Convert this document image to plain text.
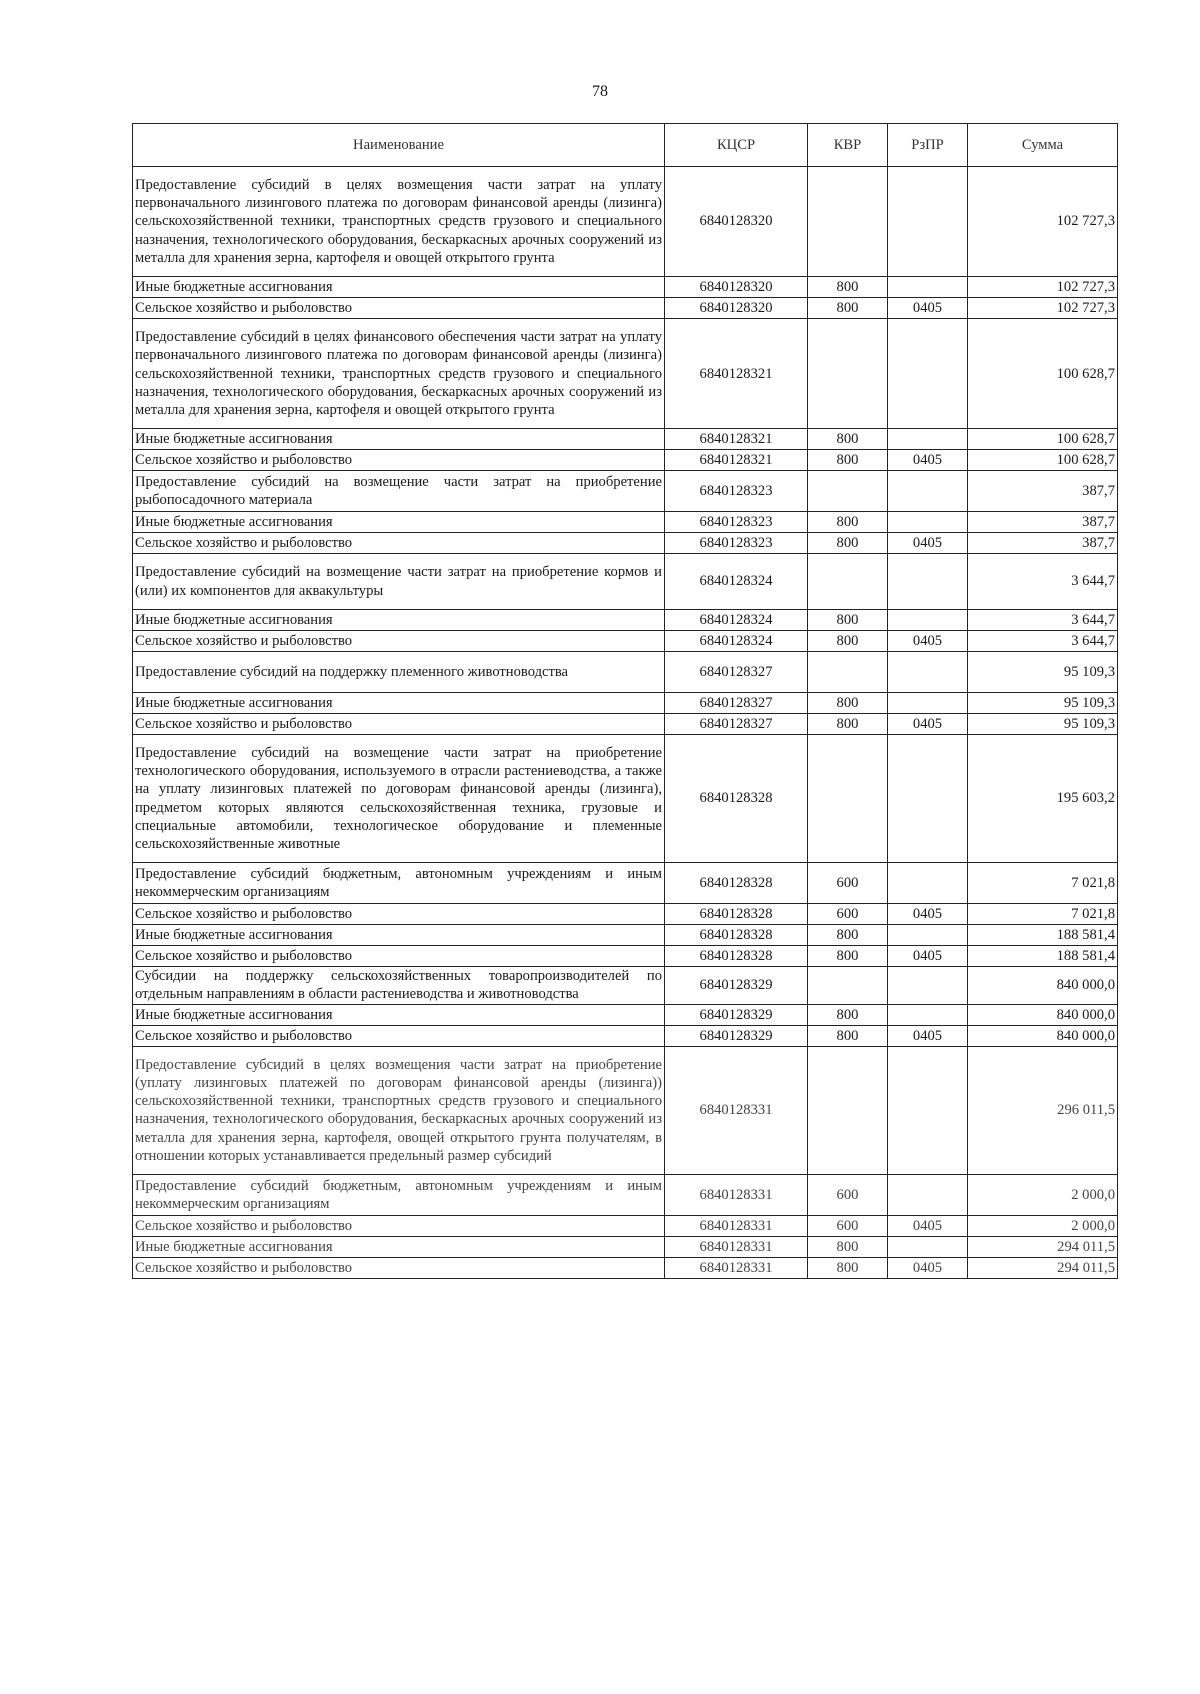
78
Наименование	КЦСР	КВР	РзПР	Сумма
Предоставление субсидий в целях возмещения части затрат на уплату первоначального лизингового платежа по договорам финансовой аренды (лизинга) сельскохозяйственной техники, транспортных средств грузового и специального назначения, технологического оборудования, бескаркасных арочных сооружений из металла для хранения зерна, картофеля и овощей открытого грунта	6840128320			102 727,3
Иные бюджетные ассигнования	6840128320	800		102 727,3
Сельское хозяйство и рыболовство	6840128320	800	0405	102 727,3
Предоставление субсидий в целях финансового обеспечения части затрат на уплату первоначального лизингового платежа по договорам финансовой аренды (лизинга) сельскохозяйственной техники, транспортных средств грузового и специального назначения, технологического оборудования, бескаркасных арочных сооружений из металла для хранения зерна, картофеля и овощей открытого грунта	6840128321			100 628,7
Иные бюджетные ассигнования	6840128321	800		100 628,7
Сельское хозяйство и рыболовство	6840128321	800	0405	100 628,7
Предоставление субсидий на возмещение части затрат на приобретение рыбопосадочного материала	6840128323			387,7
Иные бюджетные ассигнования	6840128323	800		387,7
Сельское хозяйство и рыболовство	6840128323	800	0405	387,7
Предоставление субсидий на возмещение части затрат на приобретение кормов и (или) их компонентов для аквакультуры	6840128324			3 644,7
Иные бюджетные ассигнования	6840128324	800		3 644,7
Сельское хозяйство и рыболовство	6840128324	800	0405	3 644,7
Предоставление субсидий на поддержку племенного животноводства	6840128327			95 109,3
Иные бюджетные ассигнования	6840128327	800		95 109,3
Сельское хозяйство и рыболовство	6840128327	800	0405	95 109,3
Предоставление субсидий на возмещение части затрат на приобретение технологического оборудования, используемого в отрасли растениеводства, а также на уплату лизинговых платежей по договорам финансовой аренды (лизинга), предметом которых являются сельскохозяйственная техника, грузовые и специальные автомобили, технологическое оборудование и племенные сельскохозяйственные животные	6840128328			195 603,2
Предоставление субсидий бюджетным, автономным учреждениям и иным некоммерческим организациям	6840128328	600		7 021,8
Сельское хозяйство и рыболовство	6840128328	600	0405	7 021,8
Иные бюджетные ассигнования	6840128328	800		188 581,4
Сельское хозяйство и рыболовство	6840128328	800	0405	188 581,4
Субсидии на поддержку сельскохозяйственных товаропроизводителей по отдельным направлениям в области растениеводства и животноводства	6840128329			840 000,0
Иные бюджетные ассигнования	6840128329	800		840 000,0
Сельское хозяйство и рыболовство	6840128329	800	0405	840 000,0
Предоставление субсидий в целях возмещения части затрат на приобретение (уплату лизинговых платежей по договорам финансовой аренды (лизинга)) сельскохозяйственной техники, транспортных средств грузового и специального назначения, технологического оборудования, бескаркасных арочных сооружений из металла для хранения зерна, картофеля, овощей открытого грунта получателям, в отношении которых устанавливается предельный размер субсидий	6840128331			296 011,5
Предоставление субсидий бюджетным, автономным учреждениям и иным некоммерческим организациям	6840128331	600		2 000,0
Сельское хозяйство и рыболовство	6840128331	600	0405	2 000,0
Иные бюджетные ассигнования	6840128331	800		294 011,5
Сельское хозяйство и рыболовство	6840128331	800	0405	294 011,5
